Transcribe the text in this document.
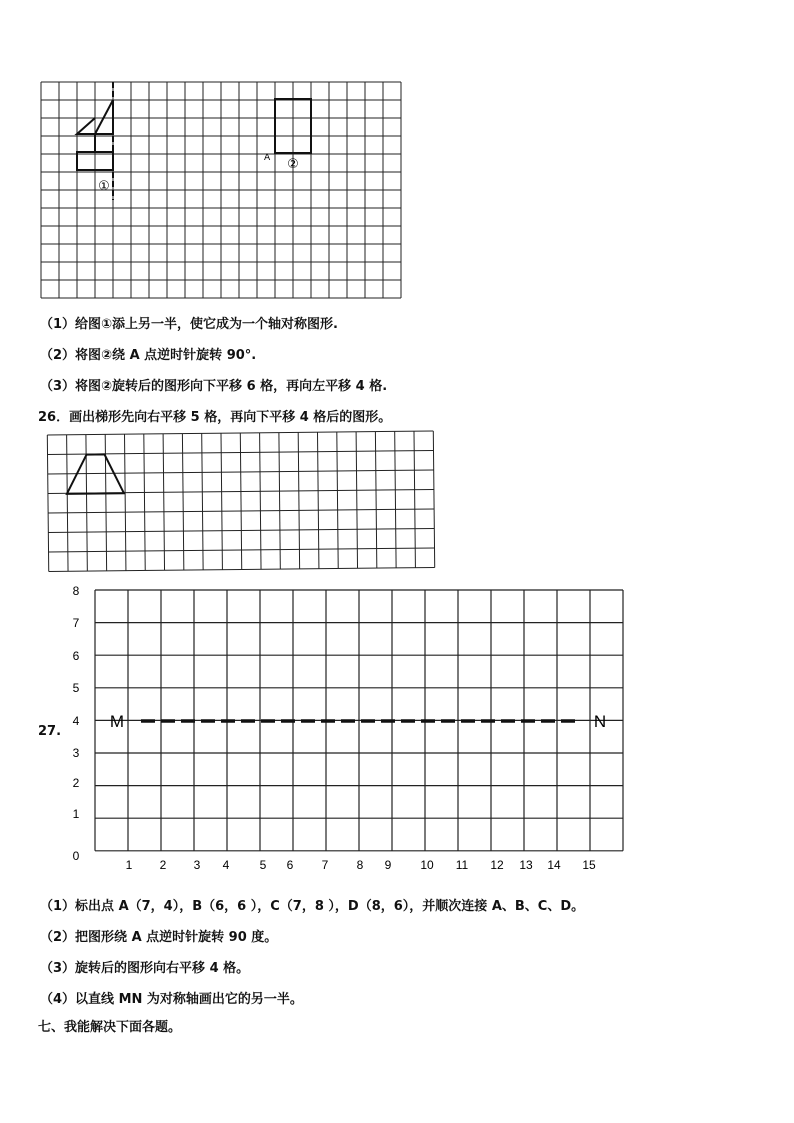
①
②
A
（1）给图①添上另一半，使它成为一个轴对称图形.
（2）将图②绕 A 点逆时针旋转 90°.
（3）将图②旋转后的图形向下平移 6 格，再向左平移 4 格.
26．画出梯形先向右平移 5 格，再向下平移 4 格后的图形。
27.
M	N
8
7
6
5
4
3
2
1
0
1 2 3 4	5 6 7 8 9 10 11 12 13 14 15
（1）标出点 A（7，4），B（6，6 ），C（7，8 ），D（8，6），并顺次连接 A、B、C、D。
（2）把图形绕 A 点逆时针旋转 90 度。
（3）旋转后的图形向右平移 4 格。
（4）以直线 MN 为对称轴画出它的另一半。
七、我能解决下面各题。
